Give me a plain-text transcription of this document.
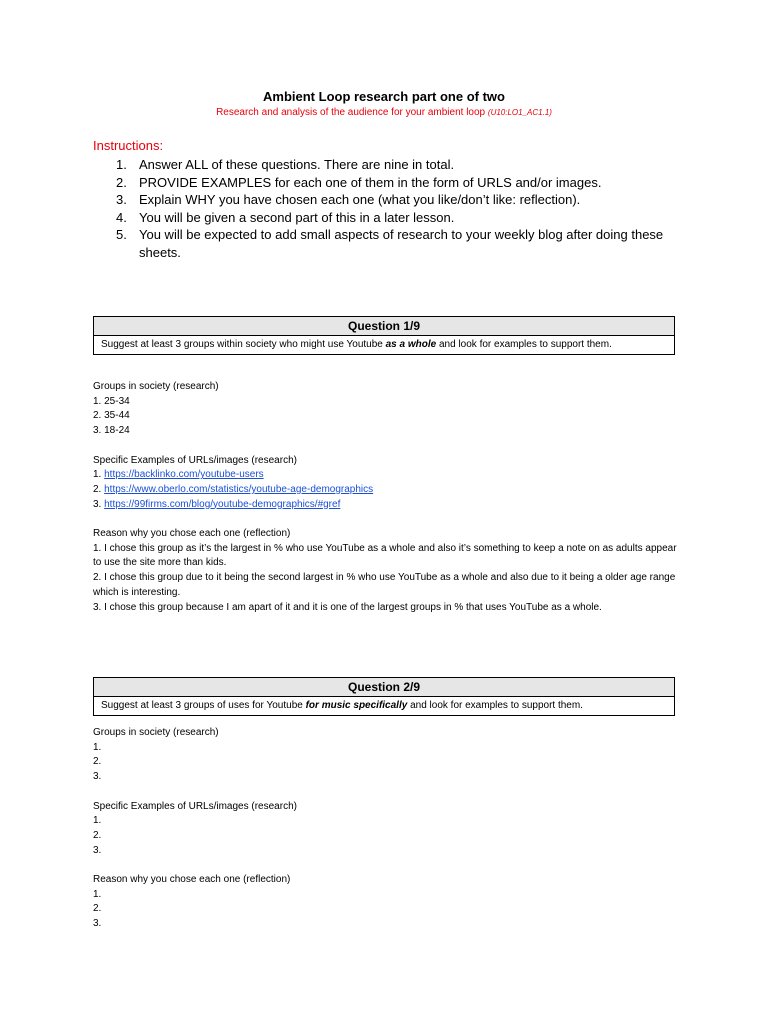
Ambient Loop research part one of two
Research and analysis of the audience for your ambient loop (U10:LO1_AC1.1)
Instructions:
1. Answer ALL of these questions. There are nine in total.
2. PROVIDE EXAMPLES for each one of them in the form of URLS and/or images.
3. Explain WHY you have chosen each one (what you like/don’t like: reflection).
4. You will be given a second part of this in a later lesson.
5. You will be expected to add small aspects of research to your weekly blog after doing these sheets.
Question 1/9
Suggest at least 3 groups within society who might use Youtube as a whole and look for examples to support them.

Groups in society (research)

1. 25-34

2. 35-44

3. 18-24

Specific Examples of URLs/images (research)

1. https://backlinko.com/youtube-users

2. https://www.oberlo.com/statistics/youtube-age-demographics

3. https://99firms.com/blog/youtube-demographics/#gref

Reason why you chose each one (reflection)

1. I chose this group as it’s the largest in % who use YouTube as a whole and also it’s something to keep a note on as adults appear to use the site more than kids.

2. I chose this group due to it being the second largest in % who use YouTube as a whole and also due to it being a older age range which is interesting.

3. I chose this group because I am apart of it and it is one of the largest groups in % that uses YouTube as a whole.

Question 2/9
Suggest at least 3 groups of uses for Youtube for music specifically and look for examples to support them.

Groups in society (research)

1.

2.

3.

Specific Examples of URLs/images (research)

1.

2.

3.

Reason why you chose each one (reflection)

1.

2.

3.
